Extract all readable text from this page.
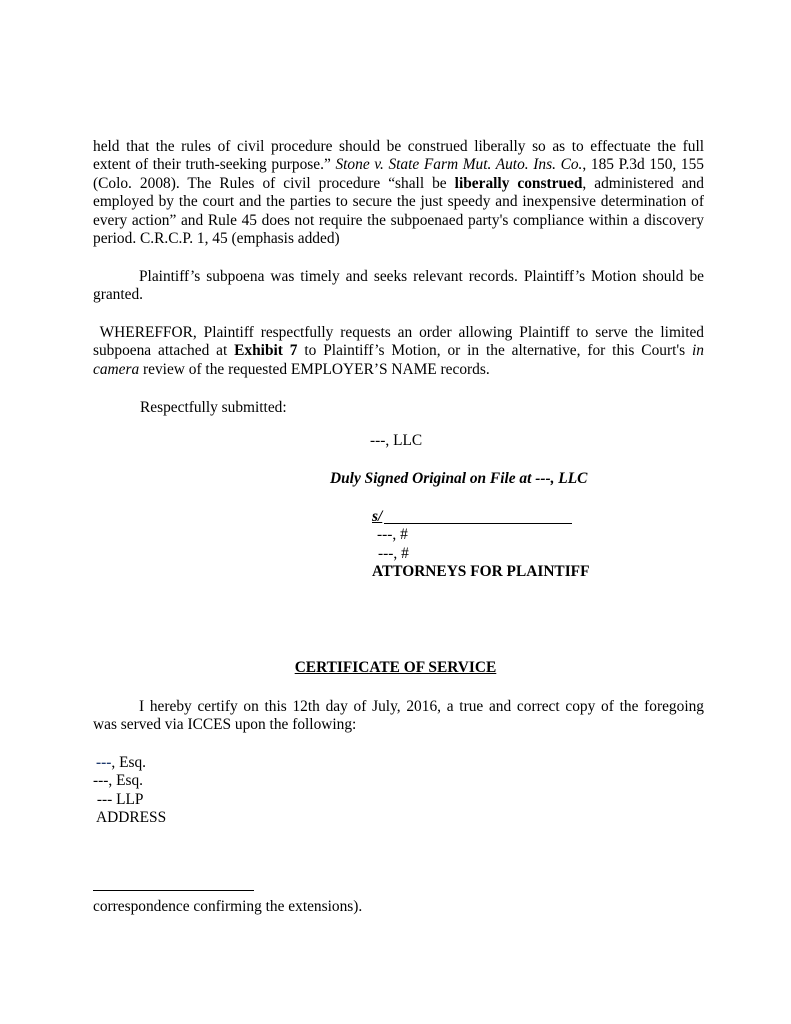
held that the rules of civil procedure should be construed liberally so as to effectuate the full
extent of their truth-seeking purpose.” Stone v. State Farm Mut. Auto. Ins. Co., 185 P.3d 150, 155
(Colo. 2008). The Rules of civil procedure “shall be liberally construed, administered and
employed by the court and the parties to secure the just speedy and inexpensive determination of
every action” and Rule 45 does not require the subpoenaed party's compliance within a discovery
period. C.R.C.P. 1, 45 (emphasis added)
Plaintiff’s subpoena was timely and seeks relevant records. Plaintiff’s Motion should be
granted.
WHEREFFOR, Plaintiff respectfully requests an order allowing Plaintiff to serve the limited
subpoena attached at Exhibit 7 to Plaintiff’s Motion, or in the alternative, for this Court's in
camera review of the requested EMPLOYER’S NAME records.
Respectfully submitted:
---, LLC
Duly Signed Original on File at ---, LLC
s/
---, #
---, #
ATTORNEYS FOR PLAINTIFF
CERTIFICATE OF SERVICE
I hereby certify on this 12th day of July, 2016, a true and correct copy of the foregoing
was served via ICCES upon the following:
---, Esq.
---, Esq.
--- LLP
ADDRESS
correspondence confirming the extensions).
